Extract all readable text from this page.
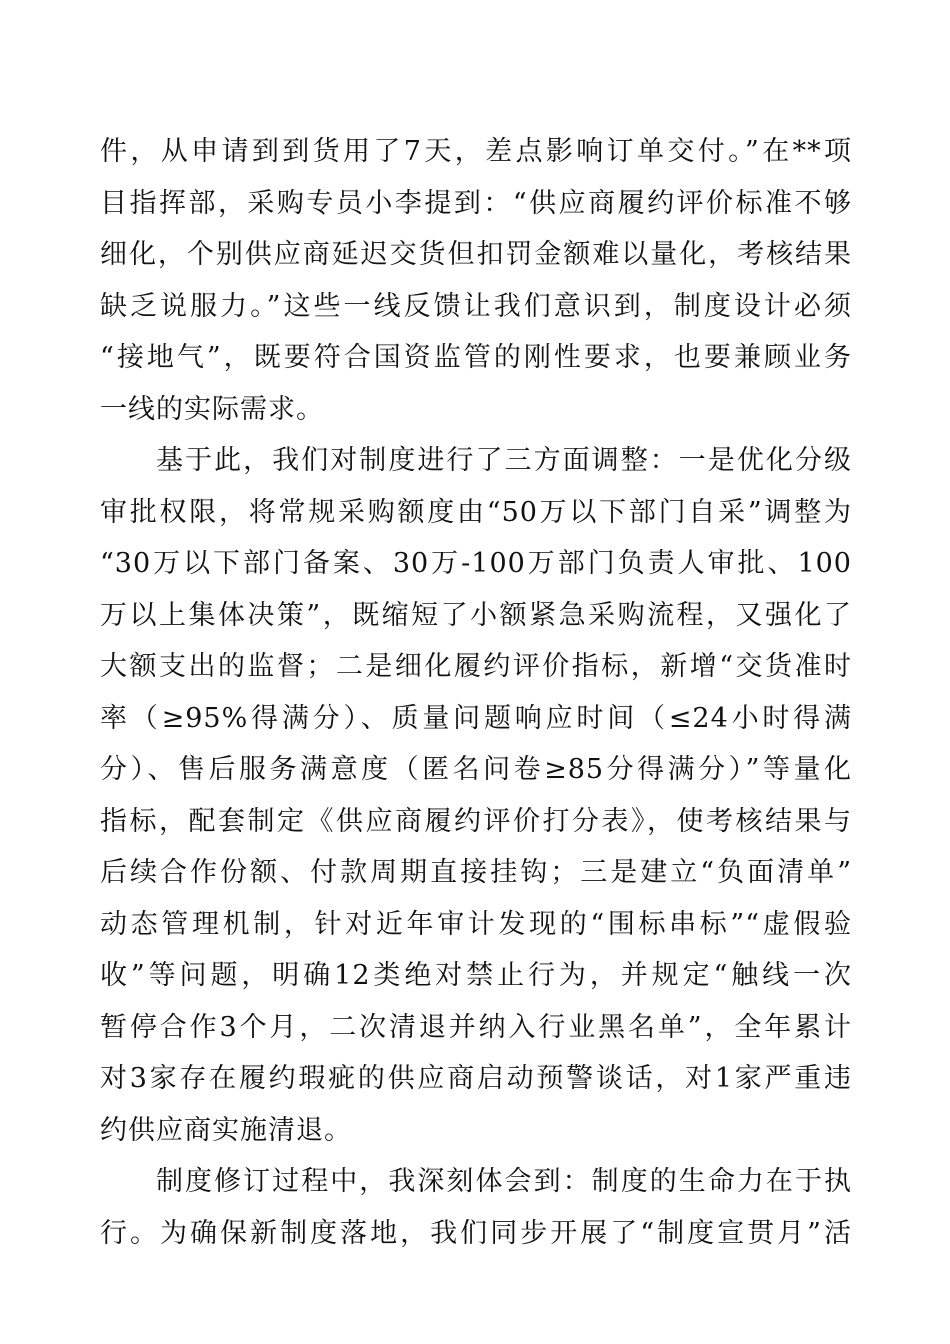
件，从申请到到货用了7天，差点影响订单交付。”在**项
目指挥部，采购专员小李提到：“供应商履约评价标准不够
细化，个别供应商延迟交货但扣罚金额难以量化，考核结果
缺乏说服力。”这些一线反馈让我们意识到，制度设计必须
“接地气”，既要符合国资监管的刚性要求，也要兼顾业务
一线的实际需求。
基于此，我们对制度进行了三方面调整：一是优化分级
审批权限，将常规采购额度由“50万以下部门自采”调整为
“30万以下部门备案、30万-100万部门负责人审批、100
万以上集体决策”，既缩短了小额紧急采购流程，又强化了
大额支出的监督；二是细化履约评价指标，新增“交货准时
率（≥95%得满分）、质量问题响应时间（≤24小时得满
分）、售后服务满意度（匿名问卷≥85分得满分）”等量化
指标，配套制定《供应商履约评价打分表》，使考核结果与
后续合作份额、付款周期直接挂钩；三是建立“负面清单”
动态管理机制，针对近年审计发现的“围标串标”“虚假验
收”等问题，明确12类绝对禁止行为，并规定“触线一次
暂停合作3个月，二次清退并纳入行业黑名单”，全年累计
对3家存在履约瑕疵的供应商启动预警谈话，对1家严重违
约供应商实施清退。
制度修订过程中，我深刻体会到：制度的生命力在于执
行。为确保新制度落地，我们同步开展了“制度宣贯月”活
